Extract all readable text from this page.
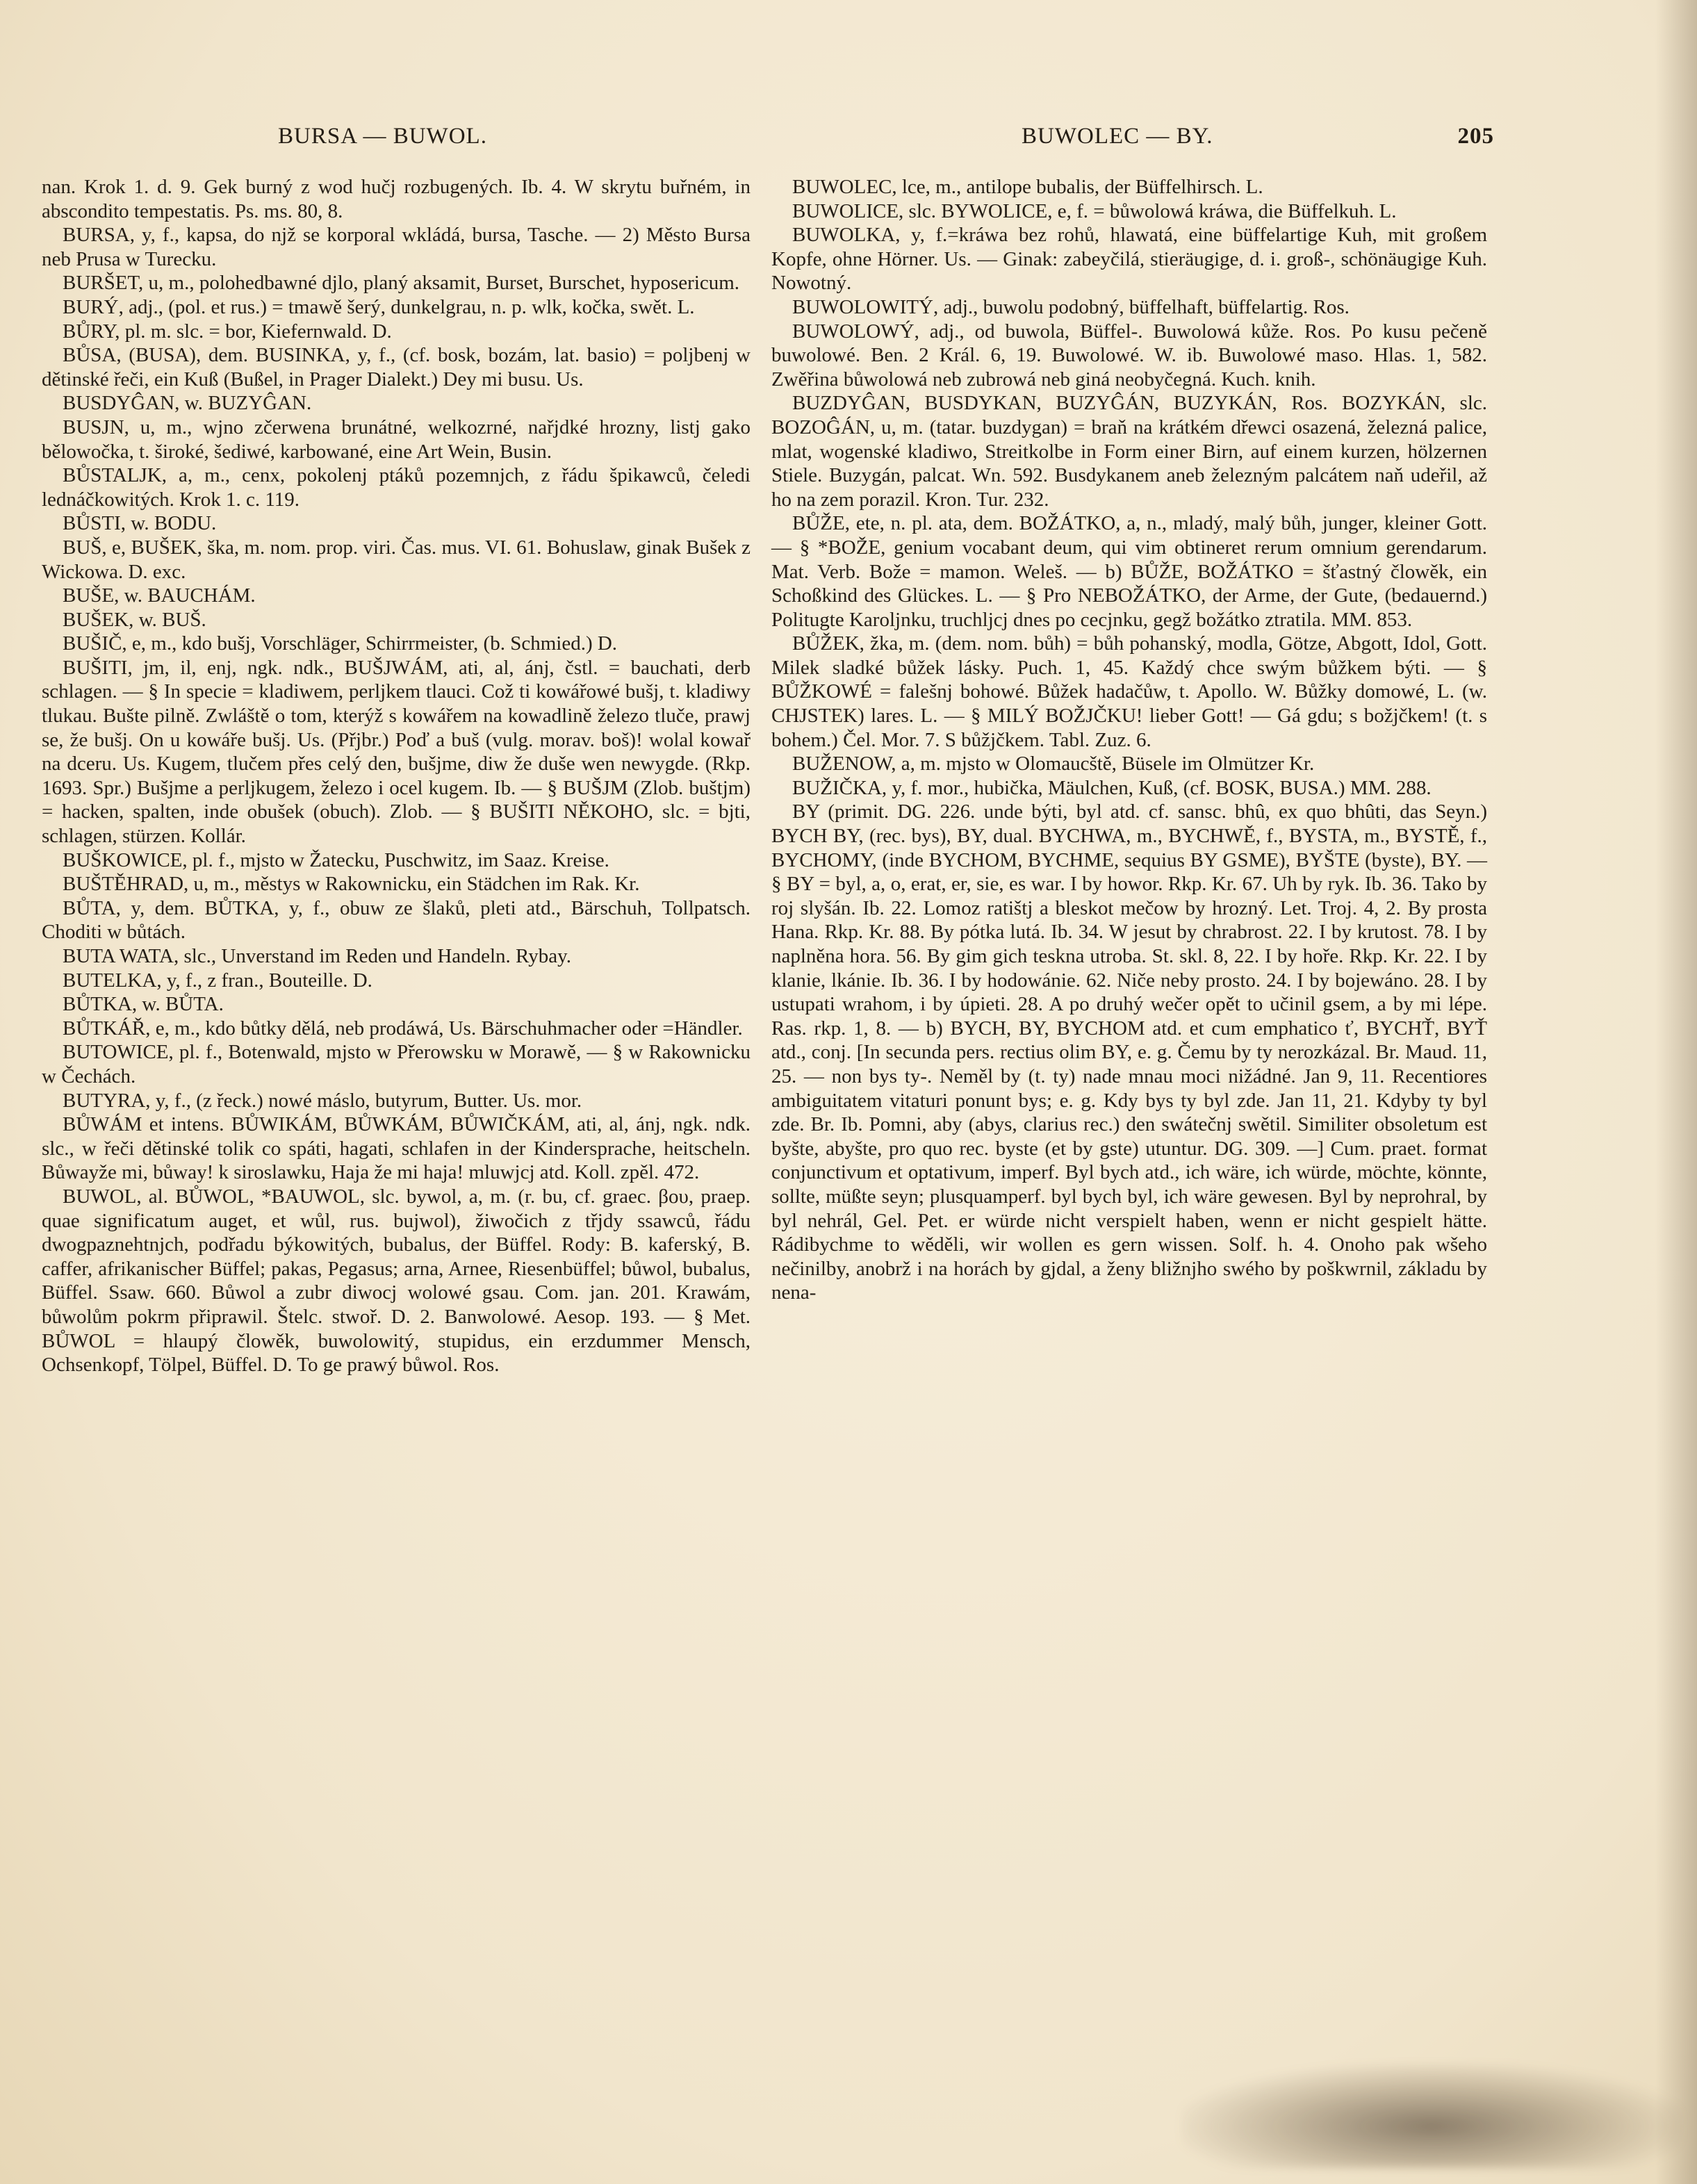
BURSA — BUWOL.	BUWOLEC — BY.	205

nan. Krok 1. d. 9. Gek burný z wod hučj rozbugených. Ib. 4. W skrytu buřném, in abscondito tempestatis. Ps. ms. 80, 8.

BURSA, y, f., kapsa, do njž se korporal wkládá, bursa, Tasche. — 2) Město Bursa neb Prusa w Turecku.

BURŠET, u, m., polohedbawné djlo, planý aksamit, Burset, Burschet, hyposericum.

BURÝ, adj., (pol. et rus.) = tmawě šerý, dunkelgrau, n. p. wlk, kočka, swět. L.

BŮRY, pl. m. slc. = bor, Kiefernwald. D.

BŮSA, (BUSA), dem. BUSINKA, y, f., (cf. bosk, bozám, lat. basio) = poljbenj w dětinské řeči, ein Kuß (Bußel, in Prager Dialekt.) Dey mi busu. Us.

BUSDYĜAN, w. BUZYĜAN.

BUSJN, u, m., wjno zčerwena brunátné, welkozrné, nařjdké hrozny, listj gako bělowočka, t. široké, šediwé, karbowané, eine Art Wein, Busin.

BŮSTALJK, a, m., cenx, pokolenj ptáků pozemnjch, z řádu špikawců, čeledi lednáčkowitých. Krok 1. c. 119.

BŮSTI, w. BODU.

BUŠ, e, BUŠEK, ška, m. nom. prop. viri. Čas. mus. VI. 61. Bohuslaw, ginak Bušek z Wickowa. D. exc.

BUŠE, w. BAUCHÁM.

BUŠEK, w. BUŠ.

BUŠIČ, e, m., kdo bušj, Vorschläger, Schirrmeister, (b. Schmied.) D.

BUŠITI, jm, il, enj, ngk. ndk., BUŠJWÁM, ati, al, ánj, čstl. = bauchati, derb schlagen. — § In specie = kladiwem, perljkem tlauci. Což ti kowářowé bušj, t. kladiwy tlukau. Bušte pilně. Zwláště o tom, kterýž s kowářem na kowadlině železo tluče, prawj se, že bušj. On u kowáře bušj. Us. (Přjbr.) Poď a buš (vulg. morav. boš)! wolal kowař na dceru. Us. Kugem, tlučem přes celý den, bušjme, diw že duše wen newygde. (Rkp. 1693. Spr.) Bušjme a perljkugem, železo i ocel kugem. Ib. — § BUŠJM (Zlob. buštjm) = hacken, spalten, inde obušek (obuch). Zlob. — § BUŠITI NĚKOHO, slc. = bjti, schlagen, stürzen. Kollár.

BUŠKOWICE, pl. f., mjsto w Žatecku, Puschwitz, im Saaz. Kreise.

BUŠTĚHRAD, u, m., městys w Rakownicku, ein Städchen im Rak. Kr.

BŮTA, y, dem. BŮTKA, y, f., obuw ze šlaků, pleti atd., Bärschuh, Tollpatsch. Choditi w bůtách.

BUTA WATA, slc., Unverstand im Reden und Handeln. Rybay.

BUTELKA, y, f., z fran., Bouteille. D.

BŮTKA, w. BŮTA.

BŮTKÁŘ, e, m., kdo bůtky dělá, neb prodáwá, Us. Bärschuhmacher oder =Händler.

BUTOWICE, pl. f., Botenwald, mjsto w Přerowsku w Morawě, — § w Rakownicku w Čechách.

BUTYRA, y, f., (z řeck.) nowé máslo, butyrum, Butter. Us. mor.

BŮWÁM et intens. BŮWIKÁM, BŮWKÁM, BŮWIČKÁM, ati, al, ánj, ngk. ndk. slc., w řeči dětinské tolik co spáti, hagati, schlafen in der Kindersprache, heitscheln. Bůwayže mi, bůway! k siroslawku, Haja že mi haja! mluwjcj atd. Koll. zpěl. 472.

BUWOL, al. BŮWOL, *BAUWOL, slc. bywol, a, m. (r. bu, cf. graec. βου, praep. quae significatum auget, et wůl, rus. bujwol), žiwočich z třjdy ssawců, řádu dwogpaznehtnjch, podřadu býkowitých, bubalus, der Büffel. Rody: B. kaferský, B. caffer, afrikanischer Büffel; pakas, Pegasus; arna, Arnee, Riesenbüffel; bůwol, bubalus, Büffel. Ssaw. 660. Bůwol a zubr diwocj wolowé gsau. Com. jan. 201. Krawám, bůwolům pokrm připrawil. Štelc. stwoř. D. 2. Banwolowé. Aesop. 193. — § Met. BŮWOL = hlaupý člowěk, buwolowitý, stupidus, ein erzdummer Mensch, Ochsenkopf, Tölpel, Büffel. D. To ge prawý bůwol. Ros.

BUWOLEC, lce, m., antilope bubalis, der Büffelhirsch. L.

BUWOLICE, slc. BYWOLICE, e, f. = bůwolowá kráwa, die Büffelkuh. L.

BUWOLKA, y, f.=kráwa bez rohů, hlawatá, eine büffelartige Kuh, mit großem Kopfe, ohne Hörner. Us. — Ginak: zabeyčilá, stieräugige, d. i. groß-, schönäugige Kuh. Nowotný.

BUWOLOWITÝ, adj., buwolu podobný, büffelhaft, büffelartig. Ros.

BUWOLOWÝ, adj., od buwola, Büffel-. Buwolowá kůže. Ros. Po kusu pečeně buwolowé. Ben. 2 Král. 6, 19. Buwolowé. W. ib. Buwolowé maso. Hlas. 1, 582. Zwěřina bůwolowá neb zubrowá neb giná neobyčegná. Kuch. knih.

BUZDYĜAN, BUSDYKAN, BUZYĜÁN, BUZYKÁN, Ros. BOZYKÁN, slc. BOZOĜÁN, u, m. (tatar. buzdygan) = braň na krátkém dřewci osazená, železná palice, mlat, wogenské kladiwo, Streitkolbe in Form einer Birn, auf einem kurzen, hölzernen Stiele. Buzygán, palcat. Wn. 592. Busdykanem aneb železným palcátem naň udeřil, až ho na zem porazil. Kron. Tur. 232.

BŮŽE, ete, n. pl. ata, dem. BOŽÁTKO, a, n., mladý, malý bůh, junger, kleiner Gott. — § *BOŽE, genium vocabant deum, qui vim obtineret rerum omnium gerendarum. Mat. Verb. Bože = mamon. Weleš. — b) BŮŽE, BOŽÁTKO = šťastný člowěk, ein Schoßkind des Glückes. L. — § Pro NEBOŽÁTKO, der Arme, der Gute, (bedauernd.) Politugte Karoljnku, truchljcj dnes po cecjnku, gegž božátko ztratila. MM. 853.

BŮŽEK, žka, m. (dem. nom. bůh) = bůh pohanský, modla, Götze, Abgott, Idol, Gott. Milek sladké bůžek lásky. Puch. 1, 45. Každý chce swým bůžkem býti. — § BŮŽKOWÉ = falešnj bohowé. Bůžek hadačůw, t. Apollo. W. Bůžky domowé, L. (w. CHJSTEK) lares. L. — § MILÝ BOŽJČKU! lieber Gott! — Gá gdu; s božjčkem! (t. s bohem.) Čel. Mor. 7. S bůžjčkem. Tabl. Zuz. 6.

BUŽENOW, a, m. mjsto w Olomaucště, Büsele im Olmützer Kr.

BUŽIČKA, y, f. mor., hubička, Mäulchen, Kuß, (cf. BOSK, BUSA.) MM. 288.

BY (primit. DG. 226. unde býti, byl atd. cf. sansc. bhû, ex quo bhûti, das Seyn.) BYCH BY, (rec. bys), BY, dual. BYCHWA, m., BYCHWĚ, f., BYSTA, m., BYSTĚ, f., BYCHOMY, (inde BYCHOM, BYCHME, sequius BY GSME), BYŠTE (byste), BY. — § BY = byl, a, o, erat, er, sie, es war. I by howor. Rkp. Kr. 67. Uh by ryk. Ib. 36. Tako by roj slyšán. Ib. 22. Lomoz ratištj a bleskot mečow by hrozný. Let. Troj. 4, 2. By prosta Hana. Rkp. Kr. 88. By pótka lutá. Ib. 34. W jesut by chrabrost. 22. I by krutost. 78. I by naplněna hora. 56. By gim gich teskna utroba. St. skl. 8, 22. I by hoře. Rkp. Kr. 22. I by klanie, lkánie. Ib. 36. I by hodowánie. 62. Niče neby prosto. 24. I by bojewáno. 28. I by ustupati wrahom, i by úpieti. 28. A po druhý wečer opět to učinil gsem, a by mi lépe. Ras. rkp. 1, 8. — b) BYCH, BY, BYCHOM atd. et cum emphatico ť, BYCHŤ, BYŤ atd., conj. [In secunda pers. rectius olim BY, e. g. Čemu by ty nerozkázal. Br. Maud. 11, 25. — non bys ty-. Neměl by (t. ty) nade mnau moci nižádné. Jan 9, 11. Recentiores ambiguitatem vitaturi ponunt bys; e. g. Kdy bys ty byl zde. Jan 11, 21. Kdyby ty byl zde. Br. Ib. Pomni, aby (abys, clarius rec.) den swátečnj swětil. Similiter obsoletum est byšte, abyšte, pro quo rec. byste (et by gste) utuntur. DG. 309. —] Cum. praet. format conjunctivum et optativum, imperf. Byl bych atd., ich wäre, ich würde, möchte, könnte, sollte, müßte seyn; plusquamperf. byl bych byl, ich wäre gewesen. Byl by neprohral, by byl nehrál, Gel. Pet. er würde nicht verspielt haben, wenn er nicht gespielt hätte. Rádibychme to wěděli, wir wollen es gern wissen. Solf. h. 4. Onoho pak wšeho nečinilby, anobrž i na horách by gjdal, a ženy bližnjho swého by poškwrnil, základu by nena-
